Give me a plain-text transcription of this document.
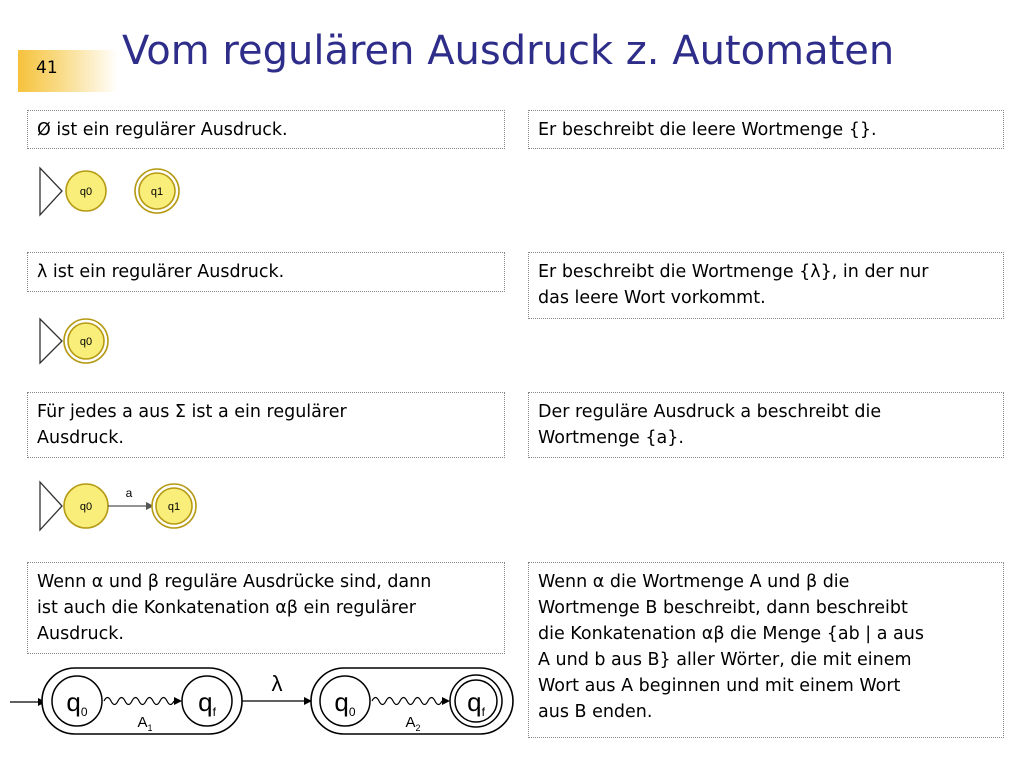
41 Vom regulären Ausdruck z. Automaten
Ø ist ein regulärer Ausdruck.	Er beschreibt die leere Wortmenge {}.
λ ist ein regulärer Ausdruck.	Er beschreibt die Wortmenge {λ}, in der nur
das leere Wort vorkommt.
Für jedes a aus Σ ist a ein regulärer
Ausdruck.
Der reguläre Ausdruck a beschreibt die
Wortmenge {a}.
Wenn α und β reguläre Ausdrücke sind, dann
ist auch die Konkatenation αβ ein regulärer
Ausdruck.
Wenn α die Wortmenge A und β die
Wortmenge B beschreibt, dann beschreibt
die Konkatenation αβ die Menge {ab | a aus
A und b aus B} aller Wörter, die mit einem
Wort aus A beginnen und mit einem Wort
aus B enden.
q0	q1
q0
q0
a
q1
q0	qf
$A_1$
λ
q0	qf
$A_2$
